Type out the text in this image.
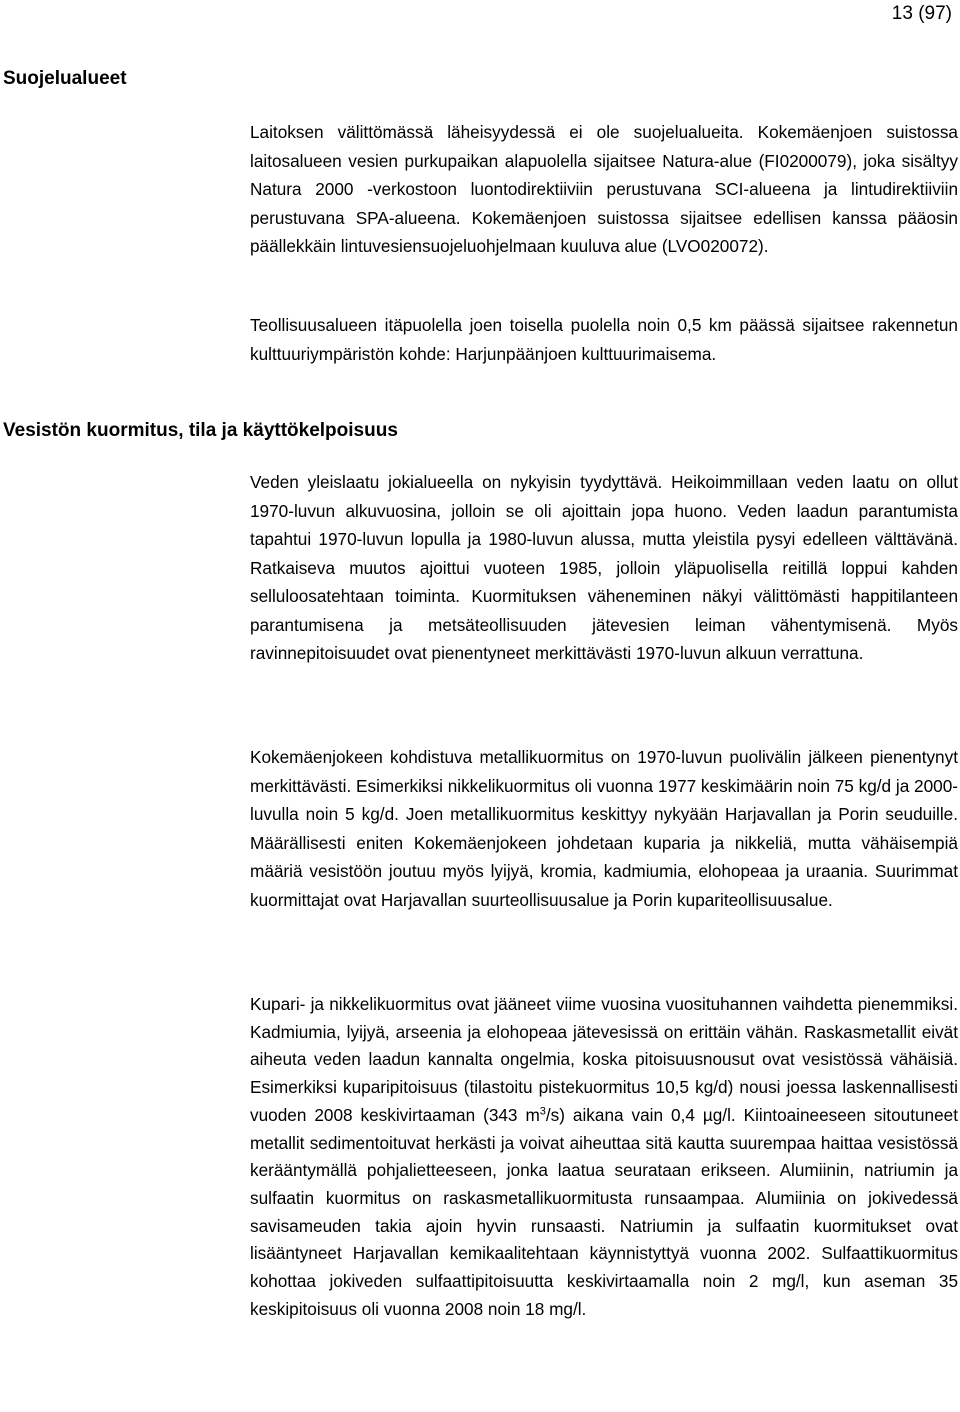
13 (97)
Suojelualueet

Laitoksen välittömässä läheisyydessä ei ole suojelualueita. Kokemäenjoen suistossa laitosalueen vesien purkupaikan alapuolella sijaitsee Natura-alue (FI0200079), joka sisältyy Natura 2000 -verkostoon luontodirektiiviin perustuvana SCI-alueena ja lintudirektiiviin perustuvana SPA-alueena. Kokemäenjoen suistossa sijaitsee edellisen kanssa pääosin päällekkäin lintuvesiensuojeluohjelmaan kuuluva alue (LVO020072).

Teollisuusalueen itäpuolella joen toisella puolella noin 0,5 km päässä sijaitsee rakennetun kulttuuriympäristön kohde: Harjunpäänjoen kulttuurimaisema.

Vesistön kuormitus, tila ja käyttökelpoisuus

Veden yleislaatu jokialueella on nykyisin tyydyttävä. Heikoimmillaan veden laatu on ollut 1970-luvun alkuvuosina, jolloin se oli ajoittain jopa huono. Veden laadun parantumista tapahtui 1970-luvun lopulla ja 1980-luvun alussa, mutta yleistila pysyi edelleen välttävänä. Ratkaiseva muutos ajoittui vuoteen 1985, jolloin yläpuolisella reitillä loppui kahden selluloosatehtaan toiminta. Kuormituksen väheneminen näkyi välittömästi happitilanteen parantumisena ja metsäteollisuuden jätevesien leiman vähentymisenä. Myös ravinnepitoisuudet ovat pienentyneet merkittävästi 1970-luvun alkuun verrattuna.

Kokemäenjokeen kohdistuva metallikuormitus on 1970-luvun puolivälin jälkeen pienentynyt merkittävästi. Esimerkiksi nikkelikuormitus oli vuonna 1977 keskimäärin noin 75 kg/d ja 2000-luvulla noin 5 kg/d. Joen metallikuormitus keskittyy nykyään Harjavallan ja Porin seuduille. Määrällisesti eniten Kokemäenjokeen johdetaan kuparia ja nikkeliä, mutta vähäisempiä määriä vesistöön joutuu myös lyijyä, kromia, kadmiumia, elohopeaa ja uraania. Suurimmat kuormittajat ovat Harjavallan suurteollisuusalue ja Porin kuparitеollisuusalue.

Kupari- ja nikkelikuormitus ovat jääneet viime vuosina vuosituhannen vaihdetta pienemmiksi. Kadmiumia, lyijyä, arseenia ja elohopeaa jätevesissä on erittäin vähän. Raskasmetallit eivät aiheuta veden laadun kannalta ongelmia, koska pitoisuusnousut ovat vesistössä vähäisiä. Esimerkiksi kuparipitoisuus (tilastoitu pistekuormitus 10,5 kg/d) nousi joessa laskennallisesti vuoden 2008 keskivirtaaman (343 $m^3/s$) aikana vain 0,4 µg/l. Kiintoaineeseen sitoutuneet metallit sedimentoituvat herkästi ja voivat aiheuttaa sitä kautta suurempaa haittaa vesistössä kerääntymällä pohjalietteeseen, jonka laatua seurataan erikseen. Alumiinin, natriumin ja sulfaatin kuormitus on raskasmetallikuormitusta runsaampaa. Alumiinia on jokivedessä savisameuden takia ajoin hyvin runsaasti. Natriumin ja sulfaatin kuormitukset ovat lisääntyneet Harjavallan kemikaalitehtaan käynnistyttyä vuonna 2002. Sulfaattikuormitus kohottaa jokiveden sulfaattipitoisuutta keskivirtaamalla noin 2 mg/l, kun aseman 35 keskipitoisuus oli vuonna 2008 noin 18 mg/l.
